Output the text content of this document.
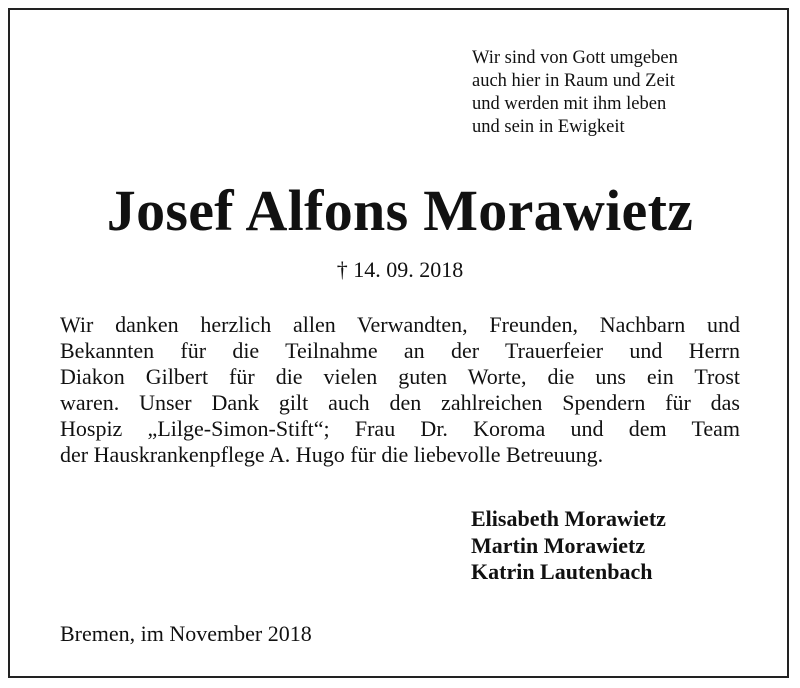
Wir sind von Gott umgeben
auch hier in Raum und Zeit
und werden mit ihm leben
und sein in Ewigkeit
Josef Alfons Morawietz
† 14. 09. 2018
Wir danken herzlich allen Verwandten, Freunden, Nachbarn und
Bekannten für die Teilnahme an der Trauerfeier und Herrn
Diakon Gilbert für die vielen guten Worte, die uns ein Trost
waren. Unser Dank gilt auch den zahlreichen Spendern für das
Hospiz „Lilge-Simon-Stift“; Frau Dr. Koroma und dem Team
der Hauskrankenpflege A. Hugo für die liebevolle Betreuung.
Elisabeth Morawietz
Martin Morawietz
Katrin Lautenbach
Bremen, im November 2018
